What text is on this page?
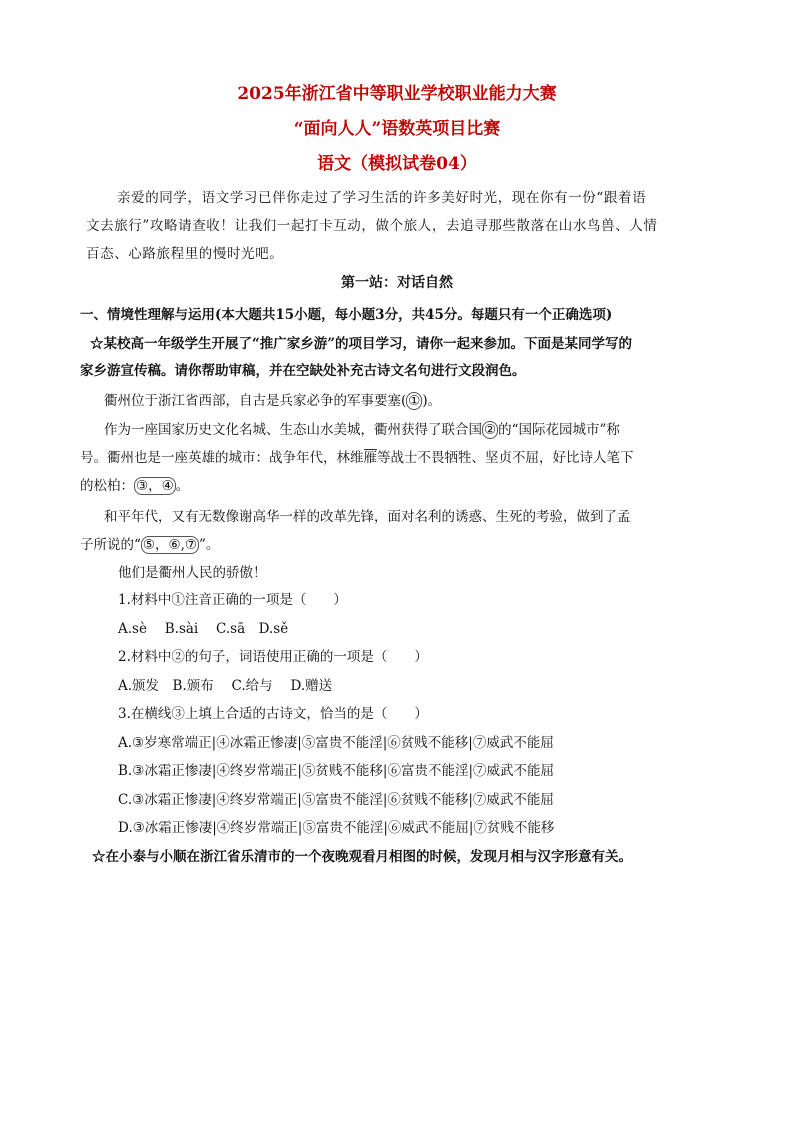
2025年浙江省中等职业学校职业能力大赛
“面向人人”语数英项目比赛
语文（模拟试卷04）
亲爱的同学，语文学习已伴你走过了学习生活的许多美好时光，现在你有一份“跟着语
文去旅行”攻略请查收！让我们一起打卡互动，做个旅人，去追寻那些散落在山水鸟兽、人情
百态、心路旅程里的慢时光吧。
第一站：对话自然
一、情境性理解与运用(本大题共15小题，每小题3分，共45分。每题只有一个正确选项)
☆某校高一年级学生开展了“推广家乡游”的项目学习，请你一起来参加。下面是某同学写的
家乡游宣传稿。请你帮助审稿，并在空缺处补充古诗文名句进行文段润色。
衢州位于浙江省西部，自古是兵家必争的军事要塞( ① )。
作为一座国家历史文化名城、生态山水美城，衢州获得了联合国 ② 的“国际花园城市”称
号。衢州也是一座英雄的城市：战争年代，林维雁等战士不畏牺牲、坚贞不屈，好比诗人笔下
的松柏： ③，④ 。
和平年代，又有无数像谢高华一样的改革先锋，面对名利的诱惑、生死的考验，做到了孟
子所说的“ ⑤，⑥,⑦ ”。
他们是衢州人民的骄傲！
1.材料中①注音正确的一项是（　　）
A.sè　 B.sài　 C.sā　D.sě
2.材料中②的句子，词语使用正确的一项是（　　）
A.颁发　B.颁布　 C.给与　 D.赠送
3.在横线③上填上合适的古诗文，恰当的是（　　）
A.③岁寒常端正|④冰霜正惨凄|⑤富贵不能淫|⑥贫贱不能移|⑦威武不能屈
B.③冰霜正惨凄|④终岁常端正|⑤贫贱不能移|⑥富贵不能淫|⑦威武不能屈
C.③冰霜正惨凄|④终岁常端正|⑤富贵不能淫|⑥贫贱不能移|⑦威武不能屈
D.③冰霜正惨凄|④终岁常端正|⑤富贵不能淫|⑥威武不能屈|⑦贫贱不能移
☆在小泰与小顺在浙江省乐清市的一个夜晚观看月相图的时候，发现月相与汉字形意有关。
